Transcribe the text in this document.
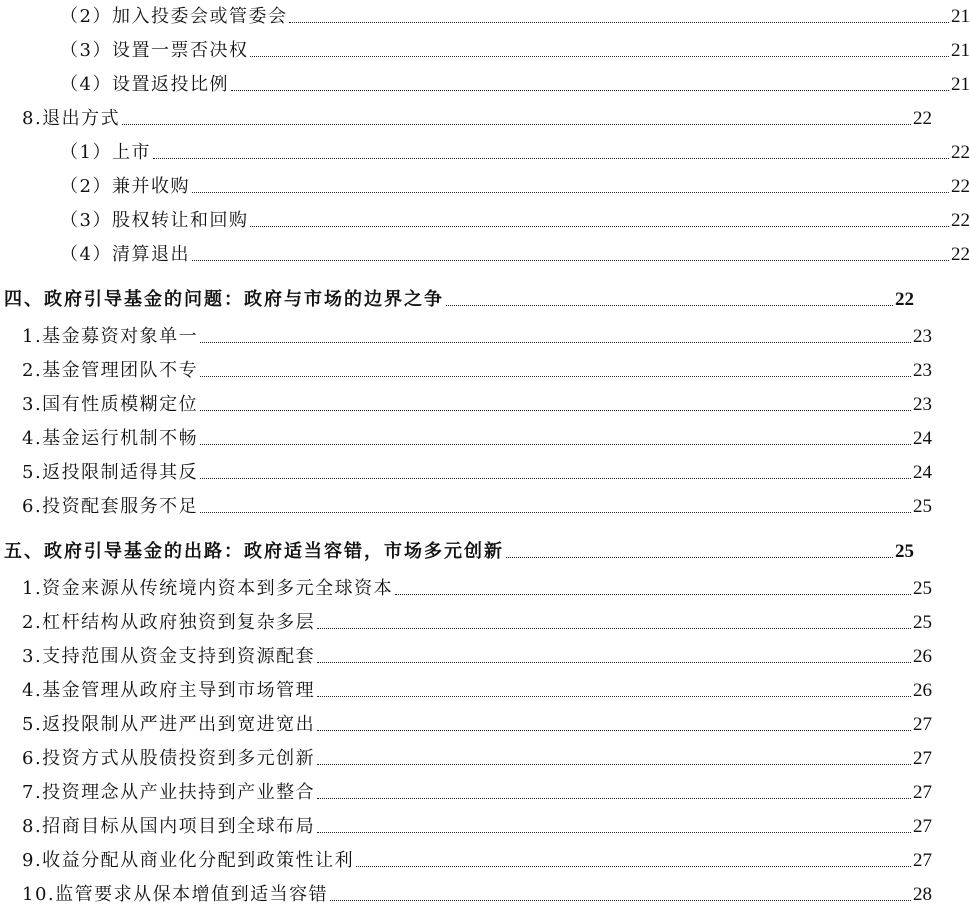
（2）加入投委会或管委会	21
（3）设置一票否决权	21
（4）设置返投比例	21
8.退出方式	22
（1）上市	22
（2）兼并收购	22
（3）股权转让和回购	22
（4）清算退出	22
四、政府引导基金的问题：政府与市场的边界之争	22
1.基金募资对象单一	23
2.基金管理团队不专	23
3.国有性质模糊定位	23
4.基金运行机制不畅	24
5.返投限制适得其反	24
6.投资配套服务不足	25
五、政府引导基金的出路：政府适当容错，市场多元创新	25
1.资金来源从传统境内资本到多元全球资本	25
2.杠杆结构从政府独资到复杂多层	25
3.支持范围从资金支持到资源配套	26
4.基金管理从政府主导到市场管理	26
5.返投限制从严进严出到宽进宽出	27
6.投资方式从股债投资到多元创新	27
7.投资理念从产业扶持到产业整合	27
8.招商目标从国内项目到全球布局	27
9.收益分配从商业化分配到政策性让利	27
10.监管要求从保本增值到适当容错	28
